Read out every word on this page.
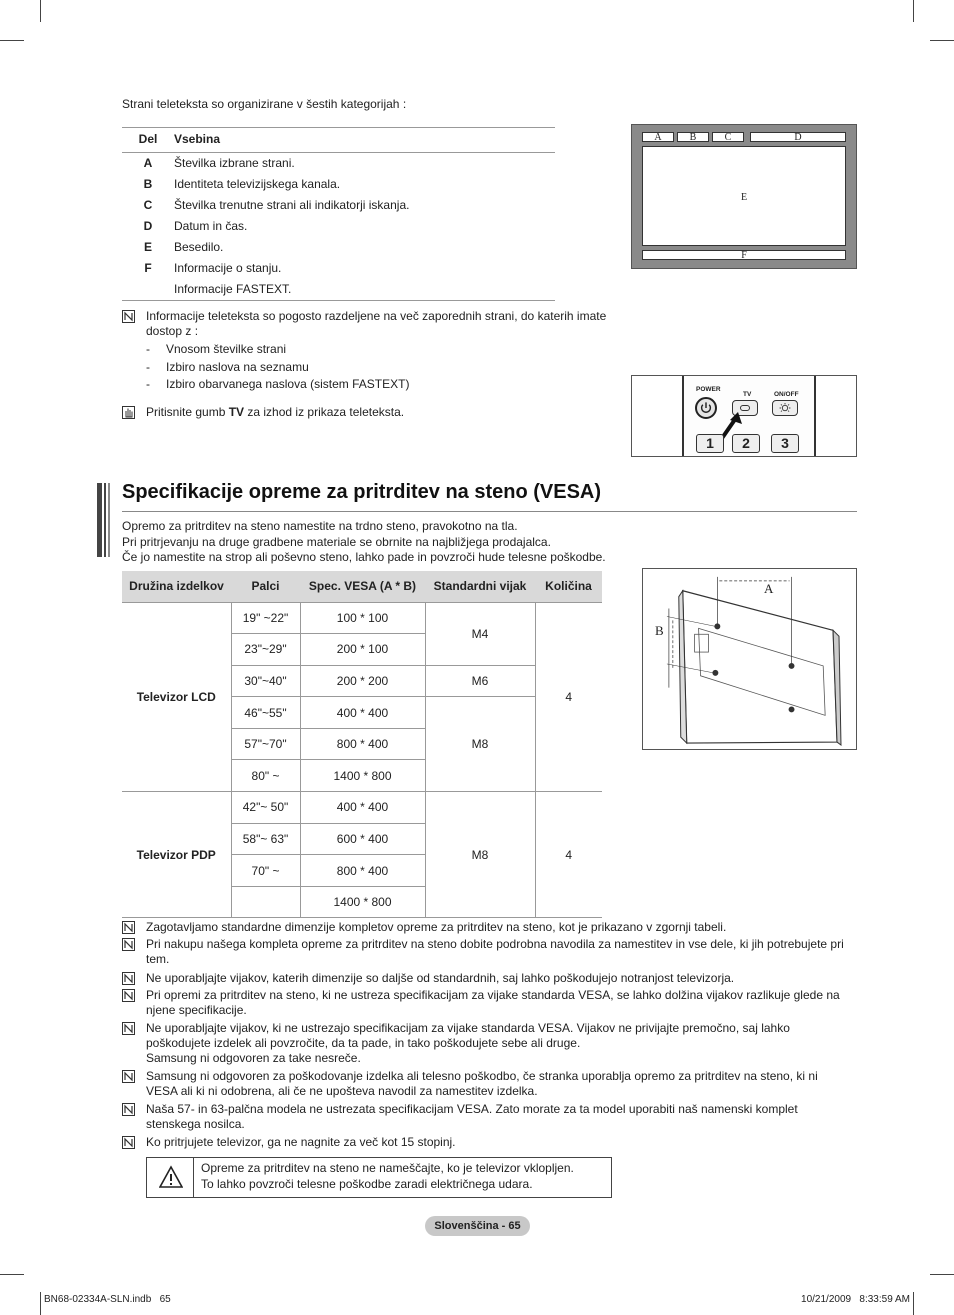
Strani teleteksta so organizirane v šestih kategorijah :
Del	Vsebina
A	Številka izbrane strani.
B	Identiteta televizijskega kanala.
C	Številka trenutne strani ali indikatorji iskanja.
D	Datum in čas.
E	Besedilo.
F	Informacije o stanju.
	Informacije FASTEXT.
A	B	C	D
E
F
Informacije teleteksta so pogosto razdeljene na več zaporednih strani, do katerih imate
dostop z :
- Vnosom številke strani
- Izbiro naslova na seznamu
- Izbiro obarvanega naslova (sistem FASTEXT)
Pritisnite gumb TV za izhod iz prikaza teleteksta.
POWER
TV	ON/OFF
1	2	3
Specifikacije opreme za pritrditev na steno (VESA)
Opremo za pritrditev na steno namestite na trdno steno, pravokotno na tla.
Pri pritrjevanju na druge gradbene materiale se obrnite na najbližjega prodajalca.
Če jo namestite na strop ali poševno steno, lahko pade in povzroči hude telesne poškodbe.
Družina izdelkov	Palci	Spec. VESA (A * B)	Standardni vijak	Količina
Televizor LCD	19" ~22"	100 * 100	M4	4
	23"~29"	200 * 100		
	30"~40"	200 * 200	M6	
	46"~55"	400 * 400	M8	
	57"~70"	800 * 400		
	80" ~	1400 * 800		
Televizor PDP	42"~ 50"	400 * 400	M8	4
	58"~ 63"	600 * 400		
	70" ~	800 * 400		
		1400 * 800		
A
B
Zagotavljamo standardne dimenzije kompletov opreme za pritrditev na steno, kot je prikazano v zgornji tabeli.
Pri nakupu našega kompleta opreme za pritrditev na steno dobite podrobna navodila za namestitev in vse dele, ki jih potrebujete pri
tem.
Ne uporabljajte vijakov, katerih dimenzije so daljše od standardnih, saj lahko poškodujejo notranjost televizorja.
Pri opremi za pritrditev na steno, ki ne ustreza specifikacijam za vijake standarda VESA, se lahko dolžina vijakov razlikuje glede na
njene specifikacije.
Ne uporabljajte vijakov, ki ne ustrezajo specifikacijam za vijake standarda VESA. Vijakov ne privijajte premočno, saj lahko
poškodujete izdelek ali povzročite, da ta pade, in tako poškodujete sebe ali druge.
Samsung ni odgovoren za take nesreče.
Samsung ni odgovoren za poškodovanje izdelka ali telesno poškodbo, če stranka uporablja opremo za pritrditev na steno, ki ni
VESA ali ki ni odobrena, ali če ne upošteva navodil za namestitev izdelka.
Naša 57- in 63-palčna modela ne ustrezata specifikacijam VESA. Zato morate za ta model uporabiti naš namenski komplet
stenskega nosilca.
Ko pritrjujete televizor, ga ne nagnite za več kot 15 stopinj.
Opreme za pritrditev na steno ne nameščajte, ko je televizor vklopljen.
To lahko povzroči telesne poškodbe zaradi električnega udara.
Slovenščina - 65
BN68-02334A-SLN.indb   65	10/21/2009   8:33:59 AM
